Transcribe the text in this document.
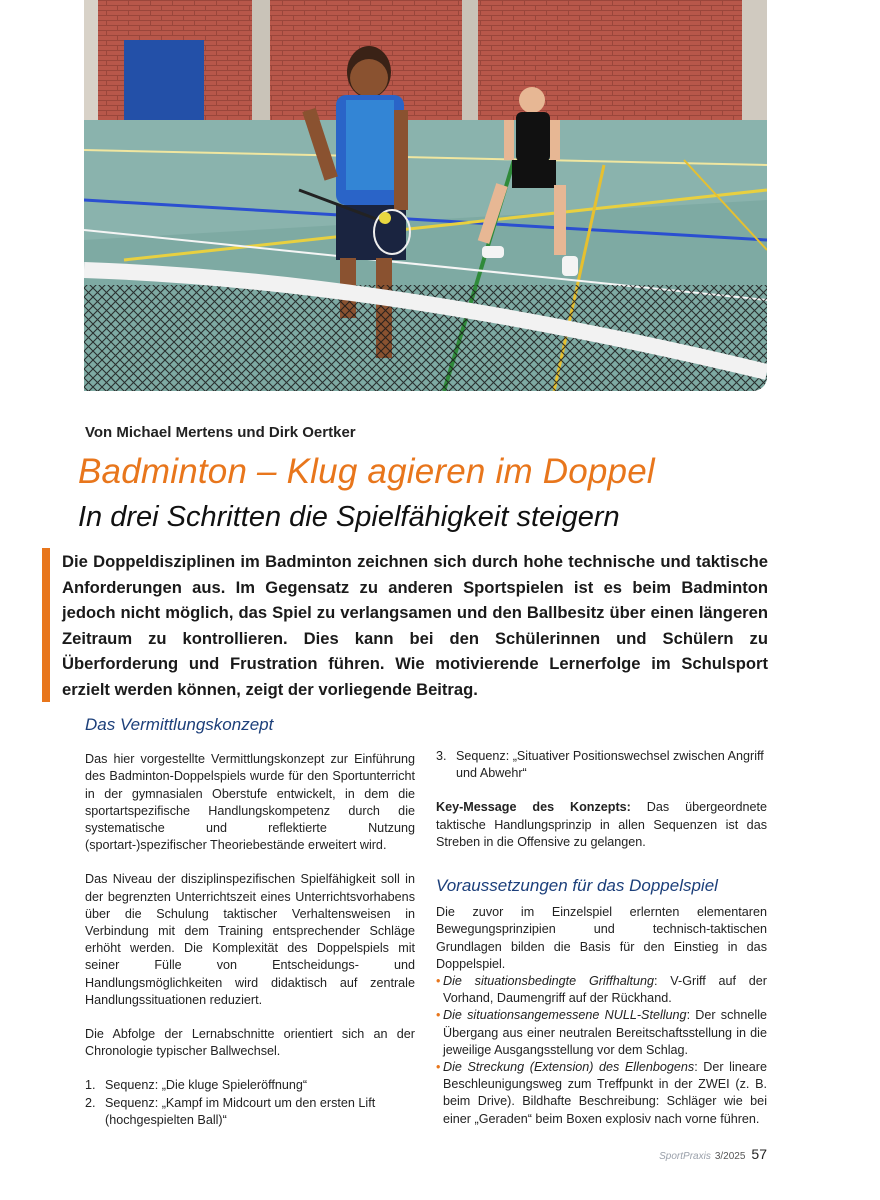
Von Michael Mertens und Dirk Oertker
Badminton – Klug agieren im Doppel
In drei Schritten die Spielfähigkeit steigern
Die Doppeldisziplinen im Badminton zeichnen sich durch hohe technische und taktische Anforderungen aus. Im Gegensatz zu anderen Sportspielen ist es beim Badminton jedoch nicht möglich, das Spiel zu verlangsamen und den Ballbesitz über einen längeren Zeitraum zu kontrollieren. Dies kann bei den Schülerinnen und Schülern zu Überforderung und Frustration führen. Wie motivierende Lernerfolge im Schulsport erzielt werden können, zeigt der vorliegende Beitrag.
Das Vermittlungskonzept

Das hier vorgestellte Vermittlungskonzept zur Einführung des Badminton-Doppelspiels wurde für den Sportunterricht in der gymnasialen Oberstufe entwickelt, in dem die sportartspezifische Handlungskompetenz durch die systematische und reflektierte Nutzung (sportart-)spezifischer Theoriebestände erweitert wird.

Das Niveau der disziplinspezifischen Spielfähigkeit soll in der begrenzten Unterrichtszeit eines Unterrichtsvorhabens über die Schulung taktischer Verhaltensweisen in Verbindung mit dem Training entsprechender Schläge erhöht werden. Die Komplexität des Doppelspiels mit seiner Fülle von Entscheidungs- und Handlungsmöglichkeiten wird didaktisch auf zentrale Handlungssituationen reduziert.

Die Abfolge der Lernabschnitte orientiert sich an der Chronologie typischer Ballwechsel.

1. Sequenz: „Die kluge Spieleröffnung“
2. Sequenz: „Kampf im Midcourt um den ersten Lift (hochgespielten Ball)“
3. Sequenz: „Situativer Positionswechsel zwischen Angriff und Abwehr“

Key-Message des Konzepts: Das übergeordnete taktische Handlungsprinzip in allen Sequenzen ist das Streben in die Offensive zu gelangen.

Voraussetzungen für das Doppelspiel

Die zuvor im Einzelspiel erlernten elementaren Bewegungsprinzipien und technisch-taktischen Grundlagen bilden die Basis für den Einstieg in das Doppelspiel.

• Die situationsbedingte Griffhaltung: V-Griff auf der Vorhand, Daumengriff auf der Rückhand.
• Die situationsangemessene NULL-Stellung: Der schnelle Übergang aus einer neutralen Bereitschaftsstellung in die jeweilige Ausgangsstellung vor dem Schlag.
• Die Streckung (Extension) des Ellenbogens: Der lineare Beschleunigungsweg zum Treffpunkt in der ZWEI (z. B. beim Drive). Bildhafte Beschreibung: Schläger wie bei einer „Geraden“ beim Boxen explosiv nach vorne führen.
SportPraxis 3/2025 57
